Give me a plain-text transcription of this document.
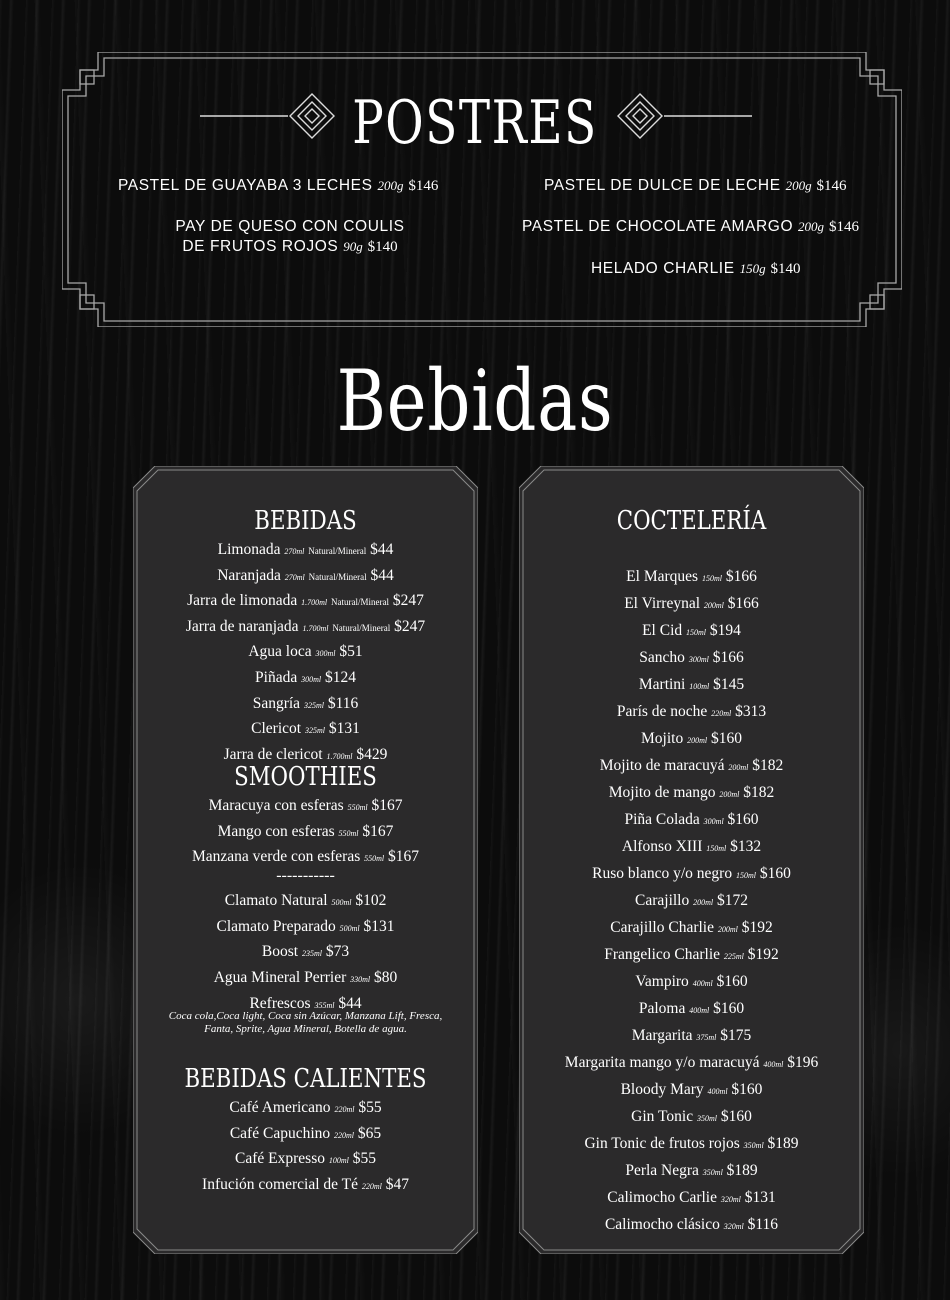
POSTRES
PASTEL DE GUAYABA 3 LECHES 200g $146	PASTEL DE DULCE DE LECHE 200g $146
PAY DE QUESO CON COULIS
DE FRUTOS ROJOS 90g $140
PASTEL DE CHOCOLATE AMARGO 200g $146
HELADO CHARLIE 150g $140
Bebidas
BEBIDAS
Limonada 270ml Natural/Mineral $44
Naranjada 270ml Natural/Mineral $44
Jarra de limonada 1.700ml Natural/Mineral $247
Jarra de naranjada 1.700ml Natural/Mineral $247
Agua loca 300ml $51
Piñada 300ml $124
Sangría 325ml $116
Clericot 325ml $131
Jarra de clericot 1.700ml $429
SMOOTHIES
Maracuya con esferas 550ml $167
Mango con esferas 550ml $167
Manzana verde con esferas 550ml $167
-----------
Clamato Natural 500ml $102
Clamato Preparado 500ml $131
Boost 235ml $73
Agua Mineral Perrier 330ml $80
Refrescos 355ml $44
Coca cola,Coca light, Coca sin Azúcar, Manzana Lift, Fresca,
Fanta, Sprite, Agua Mineral, Botella de agua.
BEBIDAS CALIENTES
Café Americano 220ml $55
Café Capuchino 220ml $65
Café Expresso 100ml $55
Infución comercial de Té 220ml $47
COCTELERÍA
El Marques 150ml $166
El Virreynal 200ml $166
El Cid 150ml $194
Sancho 300ml $166
Martini 100ml $145
París de noche 220ml $313
Mojito 200ml $160
Mojito de maracuyá 200ml $182
Mojito de mango 200ml $182
Piña Colada 300ml $160
Alfonso XIII 150ml $132
Ruso blanco y/o negro 150ml $160
Carajillo 200ml $172
Carajillo Charlie 200ml $192
Frangelico Charlie 225ml $192
Vampiro 400ml $160
Paloma 400ml $160
Margarita 375ml $175
Margarita mango y/o maracuyá 400ml $196
Bloody Mary 400ml $160
Gin Tonic 350ml $160
Gin Tonic de frutos rojos 350ml $189
Perla Negra 350ml $189
Calimocho Carlie 320ml $131
Calimocho clásico 320ml $116
